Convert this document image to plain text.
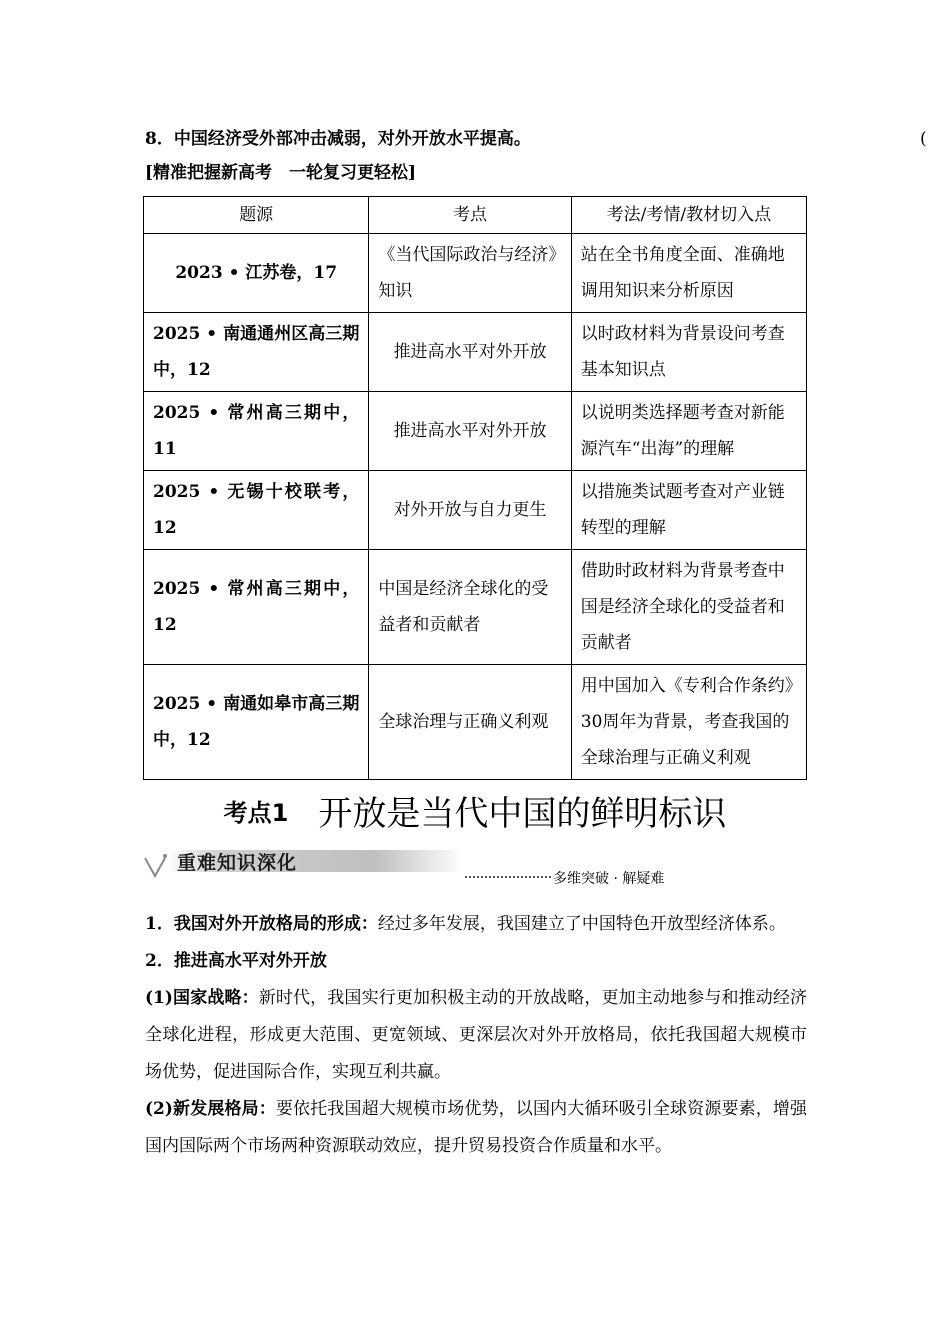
8．中国经济受外部冲击减弱，对外开放水平提高。	(
[精准把握新高考　一轮复习更轻松]
题源	考点	考法/考情/教材切入点
2023 • 江苏卷，17	《当代国际政治与经济》知识	站在全书角度全面、准确地调用知识来分析原因
2025 • 南通通州区高三期中，12	推进高水平对外开放	以时政材料为背景设问考查基本知识点
2025 • 常州高三期中，11	推进高水平对外开放	以说明类选择题考查对新能源汽车“出海”的理解
2025 • 无锡十校联考，12	对外开放与自力更生	以措施类试题考查对产业链转型的理解
2025 • 常州高三期中，12	中国是经济全球化的受益者和贡献者	借助时政材料为背景考查中国是经济全球化的受益者和贡献者
2025 • 南通如皋市高三期中，12	全球治理与正确义利观	用中国加入《专利合作条约》30周年为背景，考查我国的全球治理与正确义利观
考点1 开放是当代中国的鲜明标识
重难知识深化
多维突破 · 解疑难

1．我国对外开放格局的形成：经过多年发展，我国建立了中国特色开放型经济体系。

2．推进高水平对外开放

(1)国家战略：新时代，我国实行更加积极主动的开放战略，更加主动地参与和推动经济全球化进程，形成更大范围、更宽领域、更深层次对外开放格局，依托我国超大规模市场优势，促进国际合作，实现互利共赢。

(2)新发展格局：要依托我国超大规模市场优势，以国内大循环吸引全球资源要素，增强国内国际两个市场两种资源联动效应，提升贸易投资合作质量和水平。
